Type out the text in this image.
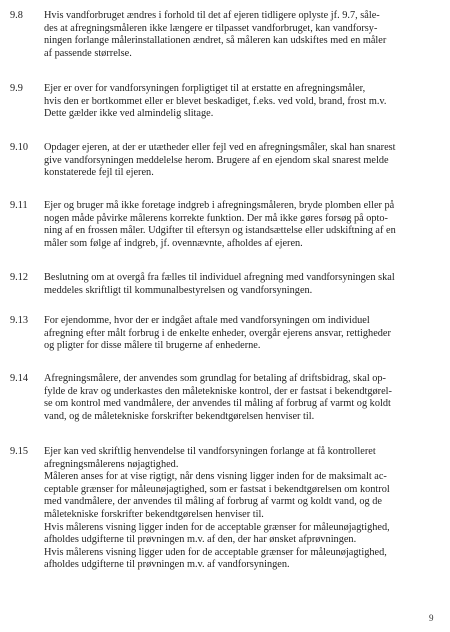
9.8	Hvis vandforbruget ændres i forhold til det af ejeren tidligere oplyste jf. 9.7, såle-
des at afregningsmåleren ikke længere er tilpasset vandforbruget, kan vandforsy-
ningen forlange målerinstallationen ændret, så måleren kan udskiftes med en måler
af passende størrelse.
9.9	Ejer er over for vandforsyningen forpligtiget til at erstatte en afregningsmåler,
hvis den er bortkommet eller er blevet beskadiget, f.eks. ved vold, brand, frost m.v.
Dette gælder ikke ved almindelig slitage.
9.10	Opdager ejeren, at der er utætheder eller fejl ved en afregningsmåler, skal han snarest
give vandforsyningen meddelelse herom. Brugere af en ejendom skal snarest melde
konstaterede fejl til ejeren.
9.11	Ejer og bruger må ikke foretage indgreb i afregningsmåleren, bryde plomben eller på
nogen måde påvirke målerens korrekte funktion. Der må ikke gøres forsøg på opto-
ning af en frossen måler. Udgifter til eftersyn og istandsættelse eller udskiftning af en
måler som følge af indgreb, jf. ovennævnte, afholdes af ejeren.
9.12	Beslutning om at overgå fra fælles til individuel afregning med vandforsyningen skal
meddeles skriftligt til kommunalbestyrelsen og vandforsyningen.
9.13	For ejendomme, hvor der er indgået aftale med vandforsyningen om individuel
afregning efter målt forbrug i de enkelte enheder, overgår ejerens ansvar, rettigheder
og pligter for disse målere til brugerne af enhederne.
9.14	Afregningsmålere, der anvendes som grundlag for betaling af driftsbidrag, skal op-
fylde de krav og underkastes den måletekniske kontrol, der er fastsat i bekendtgørel-
se om kontrol med vandmålere, der anvendes til måling af forbrug af varmt og koldt
vand, og de måletekniske forskrifter bekendtgørelsen henviser til.
9.15	Ejer kan ved skriftlig henvendelse til vandforsyningen forlange at få kontrolleret
afregningsmålerens nøjagtighed.
Måleren anses for at vise rigtigt, når dens visning ligger inden for de maksimalt ac-
ceptable grænser for måleunøjagtighed, som er fastsat i bekendtgørelsen om kontrol
med vandmålere, der anvendes til måling af forbrug af varmt og koldt vand, og de
måletekniske forskrifter bekendtgørelsen henviser til.
Hvis målerens visning ligger inden for de acceptable grænser for måleunøjagtighed,
afholdes udgifterne til prøvningen m.v. af den, der har ønsket afprøvningen.
Hvis målerens visning ligger uden for de acceptable grænser for måleunøjagtighed,
afholdes udgifterne til prøvningen m.v. af vandforsyningen.
9
